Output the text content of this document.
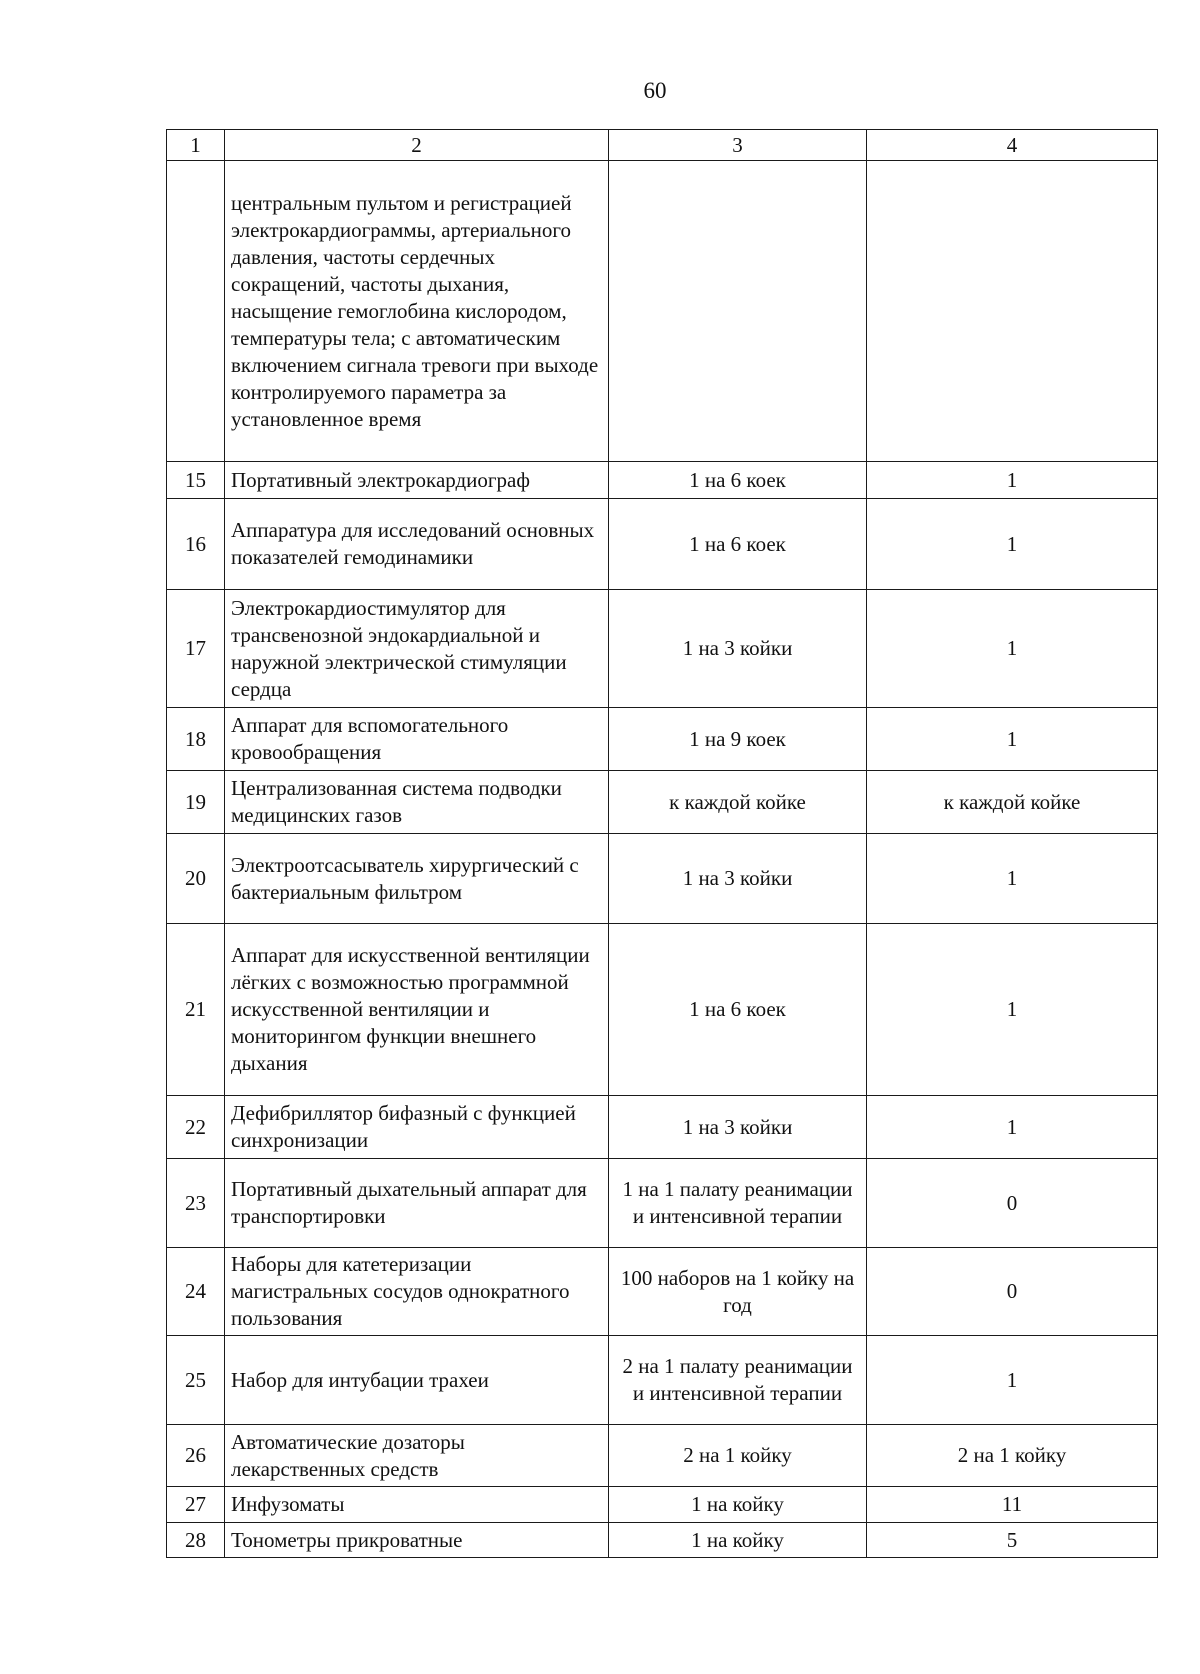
60
1	2	3	4
	центральным пультом и регистрацией электрокардиограммы, артериального давления, частоты сердечных сокращений, частоты дыхания, насыщение гемоглобина кислородом, температуры тела; с автоматическим включением сигнала тревоги при выходе контролируемого параметра за установленное время		
15	Портативный электрокардиограф	1 на 6 коек	1
16	Аппаратура для исследований основных показателей гемодинамики	1 на 6 коек	1
17	Электрокардиостимулятор для трансвенозной эндокардиальной и наружной электрической стимуляции сердца	1 на 3 койки	1
18	Аппарат для вспомогательного кровообращения	1 на 9 коек	1
19	Централизованная система подводки медицинских газов	к каждой койке	к каждой койке
20	Электроотсасыватель хирургический с бактериальным фильтром	1 на 3 койки	1
21	Аппарат для искусственной вентиляции лёгких с возможностью программной искусственной вентиляции и мониторингом функции внешнего дыхания	1 на 6 коек	1
22	Дефибриллятор бифазный с функцией синхронизации	1 на 3 койки	1
23	Портативный дыхательный аппарат для транспортировки	1 на 1 палату реанимации и интенсивной терапии	0
24	Наборы для катетеризации магистральных сосудов однократного пользования	100 наборов на 1 койку на год	0
25	Набор для интубации трахеи	2 на 1 палату реанимации и интенсивной терапии	1
26	Автоматические дозаторы лекарственных средств	2 на 1 койку	2 на 1 койку
27	Инфузоматы	1 на койку	11
28	Тонометры прикроватные	1 на койку	5
